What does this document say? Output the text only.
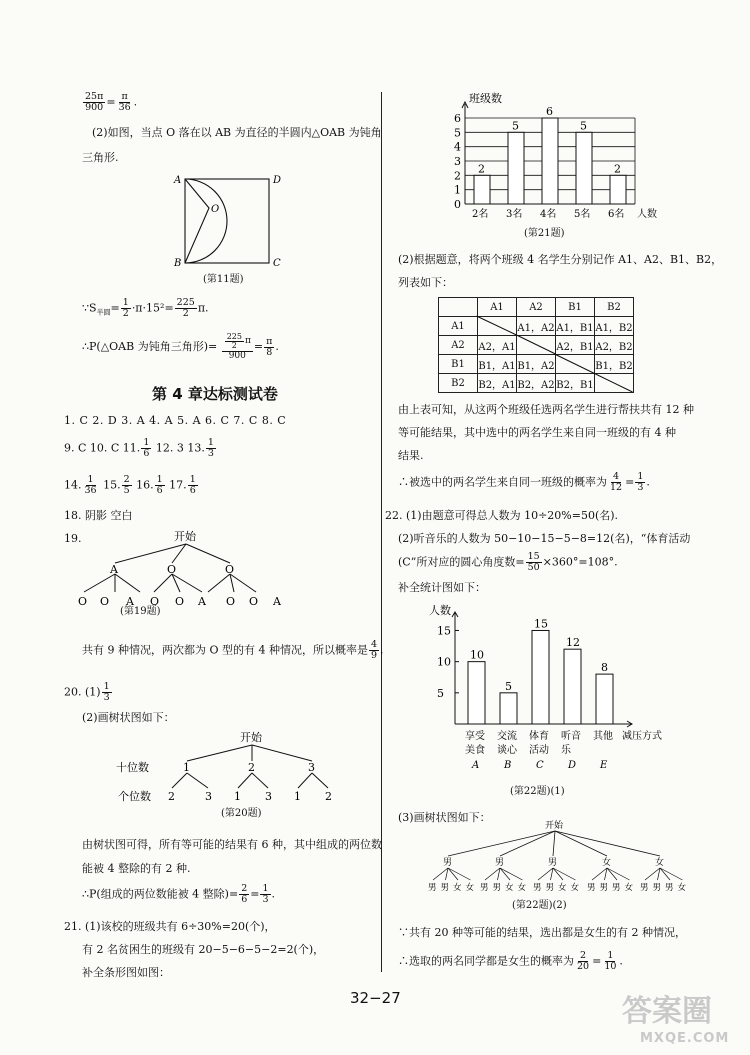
$\frac{25\pi}{900} = \frac{\pi}{36}$ .
(2)如图，当点 O 落在以 AB 为直径的半圆内△OAB 为钝角
三角形.
A
B	C
D
O
(第11题)
$\because S_{半圆}= \frac{1}{2} \cdot\pi\cdot 15^2= \frac{225}{2} \pi$.
∴P(△OAB 为钝角三角形)= $\frac{\frac{225}{2} \pi}{900} = \frac{\pi}{8}$ .
第 4 章达标测试卷
1. C 2. D 3. A 4. A 5. A 6. C 7. C 8. C
9. C 10. C 11. $\frac{1}{6} 12$. 3 13. $\frac{1}{3}$
14. $\frac{1}{36} 15$. $\frac{2}{5} 16$. $\frac{1}{6} 17$. $\frac{1}{6}$
18. 阴影 空白
19.	开始
A	O	O
O O A O O A O O A
(第19题)
共有 9 种情况，两次都为 O 型的有 4 种情况，所以概率是 $\frac{4}{9}$ .
20. $(1) \frac{1}{3}$
(2)画树状图如下：
开始
十位数
个位数
1	2	3
2	3 1 3 1 2
(第20题)
由树状图可得，所有等可能的结果有 6 种，其中组成的两位数
能被 4 整除的有 2 种.
∴P(组成的两位数能被 4 整除)= $\frac{2}{6} = \frac{1}{3}$ .
21. (1)该校的班级共有 6÷30%=20(个)，
有 2 名贫困生的班级有 20−5−6−5−2=2(个)，
补全条形图如图：
班级数
0
1
2
3
4
5
6
2
2名
5
3名
6
4名
5
5名
2
6名 人数
(第21题)
(2)根据题意，将两个班级 4 名学生分别记作 A1、A2、B1、B2，
列表如下：
	A1	A2	B1	B2
A1		A1，A2	A1，B1	A1，B2
A2	A2，A1		A2，B1	A2，B2
B1	B1，A1	B1，A2		B1，B2
B2	B2，A1	B2，A2	B2，B1	
由上表可知，从这两个班级任选两名学生进行帮扶共有 12 种
等可能结果，其中选中的两名学生来自同一班级的有 4 种
结果.
∴被选中的两名学生来自同一班级的概率为 $\frac{4}{12} = \frac{1}{3}$ .
22. (1)由题意可得总人数为 10÷20%=50(名).
(2)听音乐的人数为 50−10−15−5−8=12(名)，“体育活动
(C”所对应的圆心角度数= $\frac{15}{50} \times 360^\circ=108^\circ$.
补全统计图如下：
人数
5
10
15
10
享受
美食
A
5
交流
谈心
B
15
体育
活动
C
12
听音
乐
D
8
其他
E
减压方式
(第22题)(1)
(3)画树状图如下：
开始
男
男 男 女 女
男
男 男 女 女
男
男 男 女 女
女
男 男 男 女
女
男 男 男 女
(第22题)(2)
∵共有 20 种等可能的结果，选出都是女生的有 2 种情况，
∴选取的两名同学都是女生的概率为 $\frac{2}{20} = \frac{1}{10}$ .
32−27	答案圈
MXQE.COM
